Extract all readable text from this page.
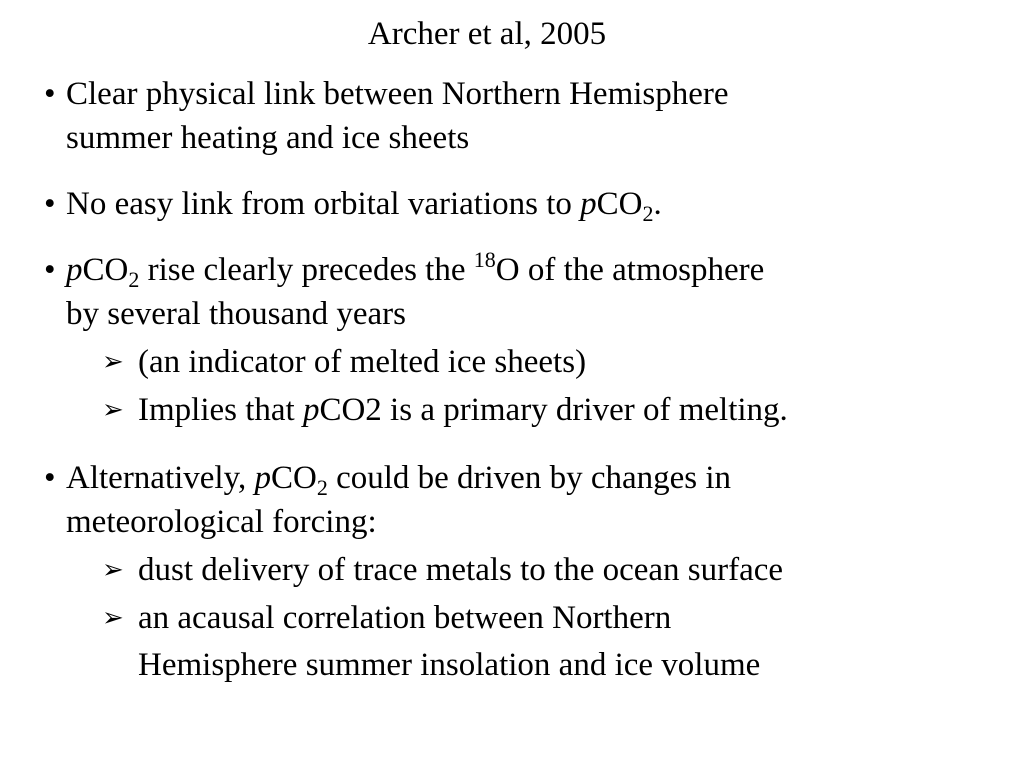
Archer et al, 2005
• Clear physical link between Northern Hemisphere
summer heating and ice sheets
• No easy link from orbital variations to pCO$_2$.
• pCO$_2$ rise clearly precedes the $^{18}$O of the atmosphere
by several thousand years
➢ (an indicator of melted ice sheets)
➢ Implies that pCO2 is a primary driver of melting.
• Alternatively, pCO$_2$ could be driven by changes in
meteorological forcing:
➢ dust delivery of trace metals to the ocean surface
➢ an acausal correlation between Northern
Hemisphere summer insolation and ice volume
